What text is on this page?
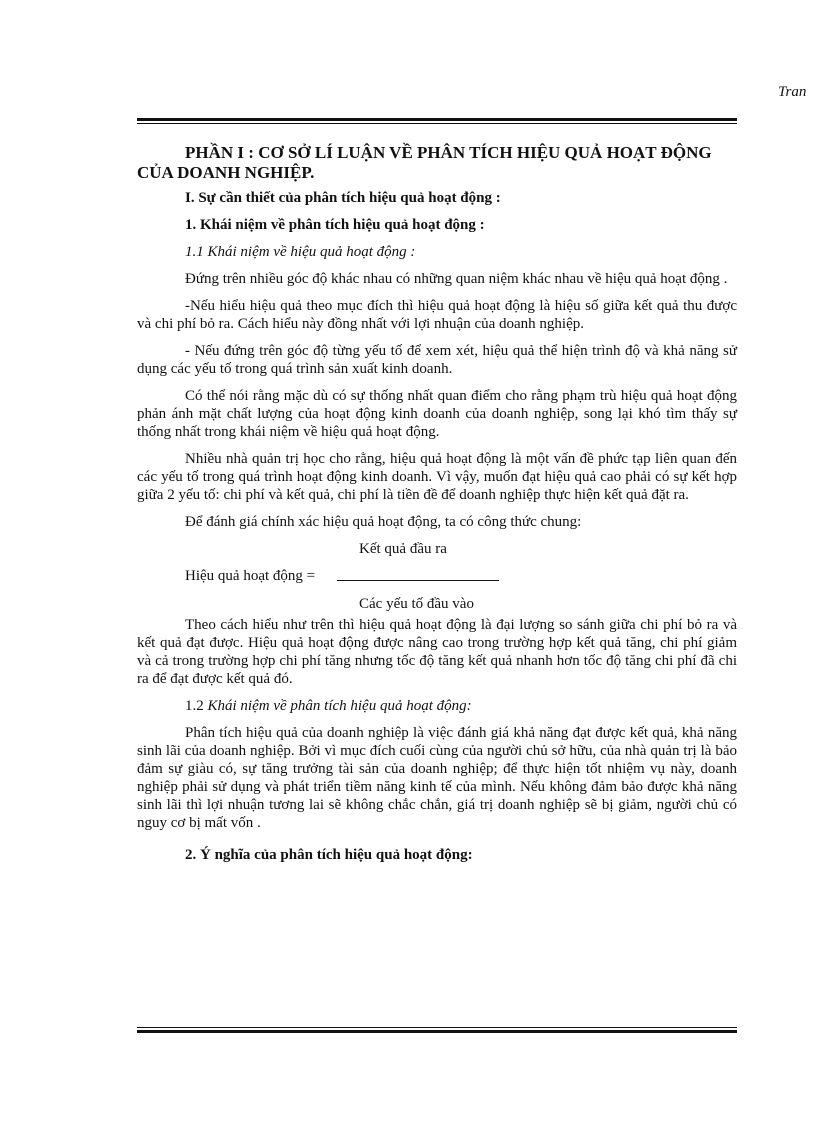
Tran
PHẦN I : CƠ SỞ LÍ LUẬN VỀ PHÂN TÍCH HIỆU QUẢ HOẠT ĐỘNG CỦA DOANH NGHIỆP.
I. Sự cần thiết của phân tích hiệu quả hoạt động :
1. Khái niệm về phân tích hiệu quả hoạt động :
1.1 Khái niệm về hiệu quả hoạt động :
Đứng trên nhiều góc độ khác nhau có những quan niệm khác nhau về hiệu quả hoạt động .
-Nếu hiểu hiệu quả theo mục đích thì hiệu quả hoạt động là hiệu số giữa kết quả thu được và chi phí bỏ ra. Cách hiểu này đồng nhất với lợi nhuận của doanh nghiệp.
- Nếu đứng trên góc độ từng yếu tố để xem xét, hiệu quả thể hiện trình độ và khả năng sử dụng các yếu tố trong quá trình sản xuất kinh doanh.
Có thể nói rằng mặc dù có sự thống nhất quan điểm cho rằng phạm trù hiệu quả hoạt động phản ánh mặt chất lượng của hoạt động kinh doanh của doanh nghiệp, song lại khó tìm thấy sự thống nhất trong khái niệm về hiệu quả hoạt động.
Nhiều nhà quản trị học cho rằng, hiệu quả hoạt động là một vấn đề phức tạp liên quan đến các yếu tố trong quá trình hoạt động kinh doanh. Vì vậy, muốn đạt hiệu quả cao phải có sự kết hợp giữa 2 yếu tố: chi phí và kết quả, chi phí là tiền đề để doanh nghiệp thực hiện kết quả đặt ra.
Để đánh giá chính xác hiệu quả hoạt động, ta có công thức chung:
Kết quả đầu ra
Hiệu quả hoạt động =
Các yếu tố đầu vào
Theo cách hiểu như trên thì hiệu quả hoạt động là đại lượng so sánh giữa chi phí bỏ ra và kết quả đạt được. Hiệu quả hoạt động được nâng cao trong trường hợp kết quả tăng, chi phí giảm và cả trong trường hợp chi phí tăng nhưng tốc độ tăng kết quả nhanh hơn tốc độ tăng chi phí đã chi ra để đạt được kết quả đó.
1.2 Khái niệm về phân tích hiệu quả hoạt động:
Phân tích hiệu quả của doanh nghiệp là việc đánh giá khả năng đạt được kết quả, khả năng sinh lãi của doanh nghiệp. Bởi vì mục đích cuối cùng của người chủ sở hữu, của nhà quản trị là bảo đảm sự giàu có, sự tăng trưởng tài sản của doanh nghiệp; để thực hiện tốt nhiệm vụ này, doanh nghiệp phải sử dụng và phát triển tiềm năng kinh tế của mình. Nếu không đảm bảo được khả năng sinh lãi thì lợi nhuận tương lai sẽ không chắc chắn, giá trị doanh nghiệp sẽ bị giảm, người chủ có nguy cơ bị mất vốn .
2. Ý nghĩa của phân tích hiệu quả hoạt động:
